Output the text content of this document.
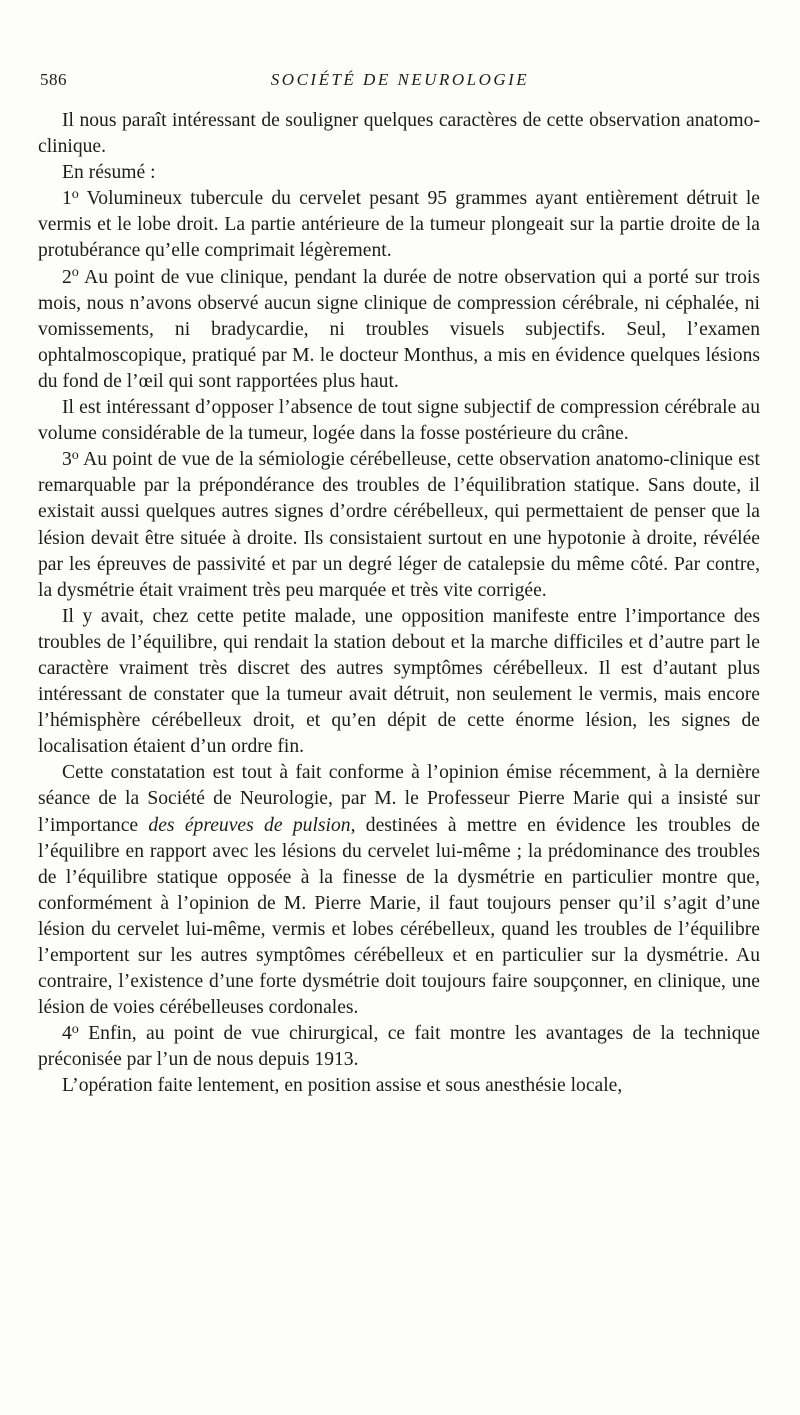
586	SOCIÉTÉ DE NEUROLOGIE

Il nous paraît intéressant de souligner quelques caractères de cette observation anatomo-clinique.

En résumé :

1$^o$ Volumineux tubercule du cervelet pesant 95 grammes ayant entièrement détruit le vermis et le lobe droit. La partie antérieure de la tumeur plongeait sur la partie droite de la protubérance qu’elle comprimait légèrement.

2$^o$ Au point de vue clinique, pendant la durée de notre observation qui a porté sur trois mois, nous n’avons observé aucun signe clinique de compression cérébrale, ni céphalée, ni vomissements, ni bradycardie, ni troubles visuels subjectifs. Seul, l’examen ophtalmoscopique, pratiqué par M. le docteur Monthus, a mis en évidence quelques lésions du fond de l’œil qui sont rapportées plus haut.

Il est intéressant d’opposer l’absence de tout signe subjectif de compression cérébrale au volume considérable de la tumeur, logée dans la fosse postérieure du crâne.

3$^o$ Au point de vue de la sémiologie cérébelleuse, cette observation anatomo-clinique est remarquable par la prépondérance des troubles de l’équilibration statique. Sans doute, il existait aussi quelques autres signes d’ordre cérébelleux, qui permettaient de penser que la lésion devait être située à droite. Ils consistaient surtout en une hypotonie à droite, révélée par les épreuves de passivité et par un degré léger de catalepsie du même côté. Par contre, la dysmétrie était vraiment très peu marquée et très vite corrigée.

Il y avait, chez cette petite malade, une opposition manifeste entre l’importance des troubles de l’équilibre, qui rendait la station debout et la marche difficiles et d’autre part le caractère vraiment très discret des autres symptômes cérébelleux. Il est d’autant plus intéressant de constater que la tumeur avait détruit, non seulement le vermis, mais encore l’hémisphère cérébelleux droit, et qu’en dépit de cette énorme lésion, les signes de localisation étaient d’un ordre fin.

Cette constatation est tout à fait conforme à l’opinion émise récemment, à la dernière séance de la Société de Neurologie, par M. le Professeur Pierre Marie qui a insisté sur l’importance des épreuves de pulsion, destinées à mettre en évidence les troubles de l’équilibre en rapport avec les lésions du cervelet lui-même ; la prédominance des troubles de l’équilibre statique opposée à la finesse de la dysmétrie en particulier montre que, conformément à l’opinion de M. Pierre Marie, il faut toujours penser qu’il s’agit d’une lésion du cervelet lui-même, vermis et lobes cérébelleux, quand les troubles de l’équilibre l’emportent sur les autres symptômes cérébelleux et en particulier sur la dysmétrie. Au contraire, l’existence d’une forte dysmétrie doit toujours faire soupçonner, en clinique, une lésion de voies cérébelleuses cordonales.

4$^o$ Enfin, au point de vue chirurgical, ce fait montre les avantages de la technique préconisée par l’un de nous depuis 1913.

L’opération faite lentement, en position assise et sous anesthésie locale,
